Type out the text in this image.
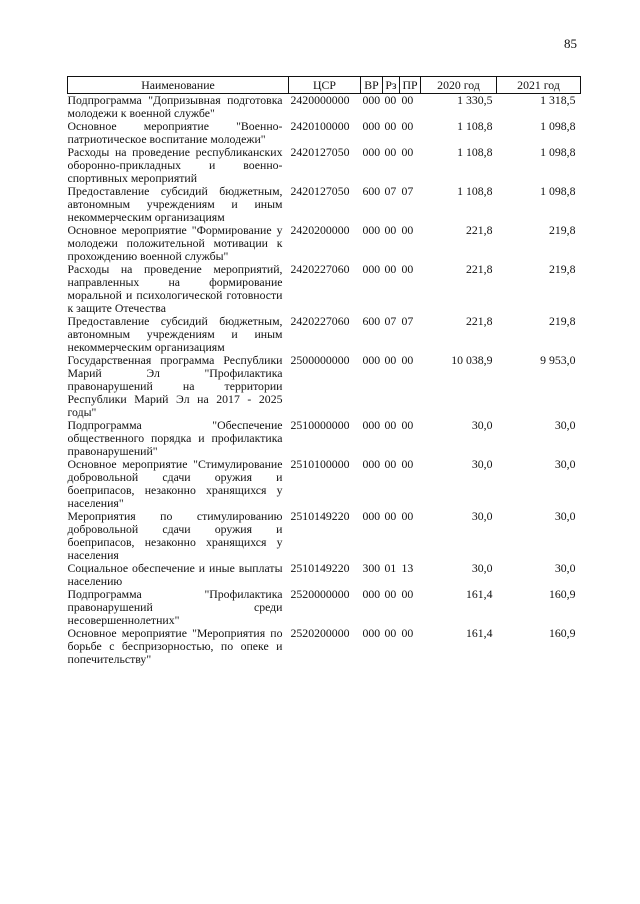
85
Наименование	ЦСР	ВР	Рз	ПР	2020 год	2021 год
Подпрограмма "Допризывная подготовка молодежи к военной службе"	2420000000	000	00	00	1 330,5	1 318,5
Основное мероприятие "Военно-патриотическое воспитание молодежи"	2420100000	000	00	00	1 108,8	1 098,8
Расходы на проведение республиканских оборонно-прикладных и военно-спортивных мероприятий	2420127050	000	00	00	1 108,8	1 098,8
Предоставление субсидий бюджетным, автономным учреждениям и иным некоммерческим организациям	2420127050	600	07	07	1 108,8	1 098,8
Основное мероприятие "Формирование у молодежи положительной мотивации к прохождению военной службы"	2420200000	000	00	00	221,8	219,8
Расходы на проведение мероприятий, направленных на формирование моральной и психологической готовности к защите Отечества	2420227060	000	00	00	221,8	219,8
Предоставление субсидий бюджетным, автономным учреждениям и иным некоммерческим организациям	2420227060	600	07	07	221,8	219,8
Государственная программа Республики Марий Эл "Профилактика правонарушений на территории Республики Марий Эл на 2017 - 2025 годы"	2500000000	000	00	00	10 038,9	9 953,0
Подпрограмма "Обеспечение общественного порядка и профилактика правонарушений"	2510000000	000	00	00	30,0	30,0
Основное мероприятие "Стимулирование добровольной сдачи оружия и боеприпасов, незаконно хранящихся у населения"	2510100000	000	00	00	30,0	30,0
Мероприятия по стимулированию добровольной сдачи оружия и боеприпасов, незаконно хранящихся у населения	2510149220	000	00	00	30,0	30,0
Социальное обеспечение и иные выплаты населению	2510149220	300	01	13	30,0	30,0
Подпрограмма "Профилактика правонарушений среди несовершеннолетних"	2520000000	000	00	00	161,4	160,9
Основное мероприятие "Мероприятия по борьбе с беспризорностью, по опеке и попечительству"	2520200000	000	00	00	161,4	160,9
